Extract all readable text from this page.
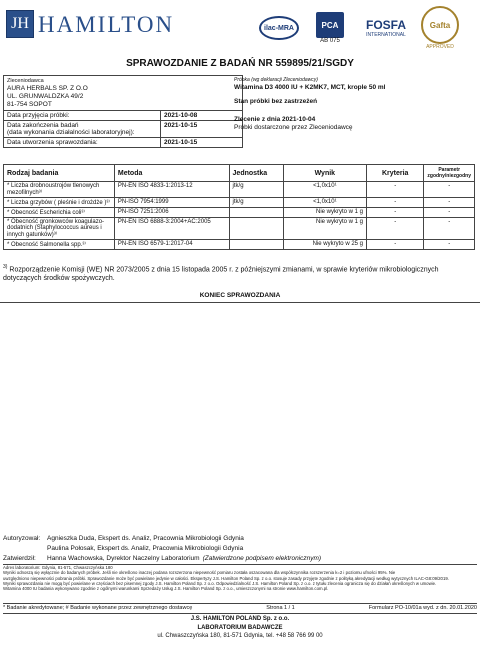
JH HAMILTON	ilac-MRA	PCA
AB 075
FOSFA
INTERNATIONAL
Gafta
APPROVED
SPRAWOZDANIE Z BADAŃ NR 559895/21/SGDY
Zleceniodawca
AURA HERBALS SP. Z O.O
UL. GRUNWALDZKA 49/2
81-754 SOPOT	

Data przyjęcia próbki:	2021-10-08
Data zakończenia badań
(data wykonania działalności laboratoryjnej):	2021-10-15
Data utworzenia sprawozdania:	2021-10-15
Próbka (wg deklaracji Zleceniodawcy)
Witamina D3 4000 IU + K2MK7, MCT, krople 50 ml
Stan próbki bez zastrzeżeń
Zlecenie z dnia 2021-10-04
Próbki dostarczone przez Zleceniodawcę
Rodzaj badania	Metoda	Jednostka	Wynik	Kryteria	Parametr zgodny/niezgodny
* Liczba drobnoustrojów tlenowych mezofilnych³⁾	PN-EN ISO 4833-1:2013-12	jtk/g	<1,0x10¹	-	-
* Liczba grzybów ( pleśnie i drożdże )³⁾	PN-ISO 7954:1999	jtk/g	<1,0x10¹	-	-
* Obecność Escherichia coli³⁾	PN-ISO 7251:2006		Nie wykryto w 1 g	-	-
* Obecność gronkowców koagulazo-dodatnich (Staphylococcus aureus i innych gatunków)³⁾	PN-EN ISO 6888-3:2004+AC:2005		Nie wykryto w 1 g	-	-
* Obecność Salmonella spp.³⁾	PN-EN ISO 6579-1:2017-04		Nie wykryto w 25 g	-	-
$^{3)}$ Rozporządzenie Komisji (WE) NR 2073/2005 z dnia 15 listopada 2005 r. z późniejszymi zmianami, w sprawie kryteriów mikrobiologicznych dotyczących środków spożywczych.
KONIEC SPRAWOZDANIA
Autoryzował:	Agnieszka Duda, Ekspert ds. Analiz, Pracownia Mikrobiologii Gdynia
Paulina Połosak, Ekspert ds. Analiz, Pracownia Mikrobiologii Gdynia
Zatwierdził:	Hanna Wachowska, Dyrektor Naczelny Laboratorium (Zatwierdzone podpisem elektronicznym)
Adres laboratorium: Gdynia, 81-571, Chwaszczyńska 180
Wyniki odnoszą się wyłącznie do badanych próbek. Jeśli nie określono inaczej podana rozszerzona niepewność pomiaru została oszacowana dla współczynnika rozszerzenia k=2 i poziomu ufności 95%. Nie
uwzględniono niepewności pobrania próbki. Sprawozdanie może być powielane jedynie w całości. Ekspertyzy J.S. Hamilton Poland Sp. z o.o. stosuje zasady przyjęte zgodnie z polityką akredytacji według wytycznych ILAC-G8:09/2019.
Wyniki sprawozdania nie mogą być powielane w częściach bez pisemnej zgody J.S. Hamilton Poland Sp. z o.o. Odpowiedzialność J.S. Hamilton Poland Sp. z o.o. z tytułu zlecenia ogranicza się do działań określonych w umowie.
Witamina 4000 IU badania wykonywano zgodnie z ogólnymi warunkami Sprzedaży Usług J.S. Hamilton Poland Sp. z o.o., umieszczonymi na stronie www.hamilton.com.pl.
* Badanie akredytowane; # Badanie wykonane przez zewnętrznego dostawcę	Strona 1 / 1	Formularz PO-10/01a wyd. z dn. 20.01.2020
J.S. HAMILTON POLAND Sp. z o.o.
LABORATORIUM BADAWCZE
ul. Chwaszczyńska 180, 81-571 Gdynia, tel. +48 58 766 99 00
